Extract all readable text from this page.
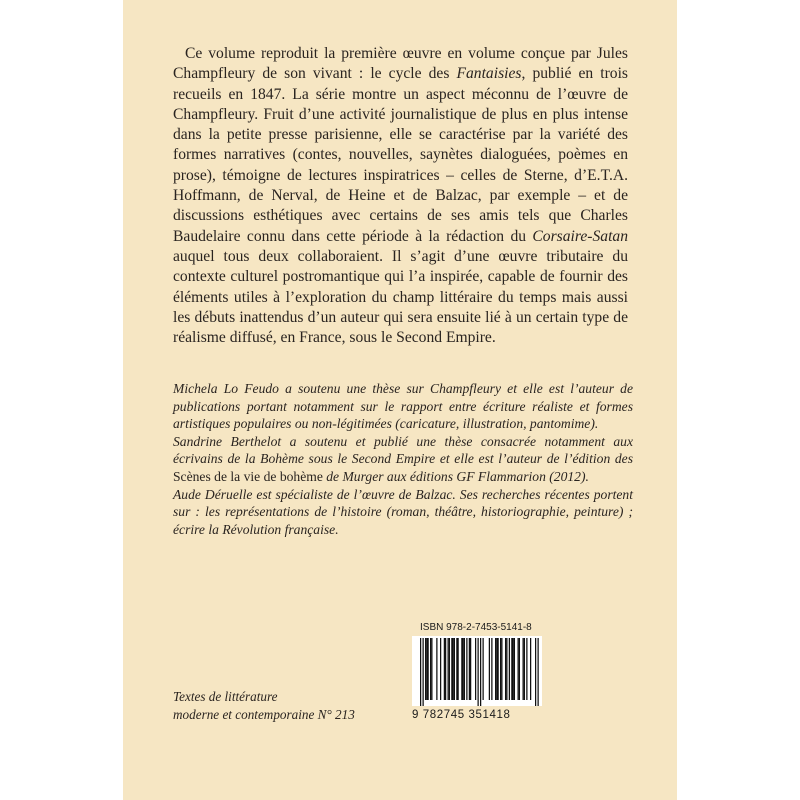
Ce volume reproduit la première œuvre en volume conçue par Jules Champfleury de son vivant : le cycle des Fantaisies, publié en trois recueils en 1847. La série montre un aspect méconnu de l’œuvre de Champfleury. Fruit d’une activité journalistique de plus en plus intense dans la petite presse parisienne, elle se caractérise par la variété des formes narratives (contes, nouvelles, saynètes dialoguées, poèmes en prose), témoigne de lectures inspiratrices – celles de Sterne, d’E.T.A. Hoffmann, de Nerval, de Heine et de Balzac, par exemple – et de discussions esthétiques avec certains de ses amis tels que Charles Baudelaire connu dans cette période à la rédaction du Corsaire-Satan auquel tous deux collaboraient. Il s’agit d’une œuvre tributaire du contexte culturel postromantique qui l’a inspirée, capable de fournir des éléments utiles à l’exploration du champ littéraire du temps mais aussi les débuts inattendus d’un auteur qui sera ensuite lié à un certain type de réalisme diffusé, en France, sous le Second Empire.

Michela Lo Feudo a soutenu une thèse sur Champfleury et elle est l’auteur de publications portant notamment sur le rapport entre écriture réaliste et formes artistiques populaires ou non-légitimées (caricature, illustration, pantomime).

Sandrine Berthelot a soutenu et publié une thèse consacrée notamment aux écrivains de la Bohème sous le Second Empire et elle est l’auteur de l’édition des Scènes de la vie de bohème de Murger aux éditions GF Flammarion (2012).

Aude Déruelle est spécialiste de l’œuvre de Balzac. Ses recherches récentes portent sur : les représentations de l’histoire (roman, théâtre, historiographie, peinture) ; écrire la Révolution française.

Textes de littérature
moderne et contemporaine N° 213
ISBN 978-2-7453-5141-8
9 782745 351418
